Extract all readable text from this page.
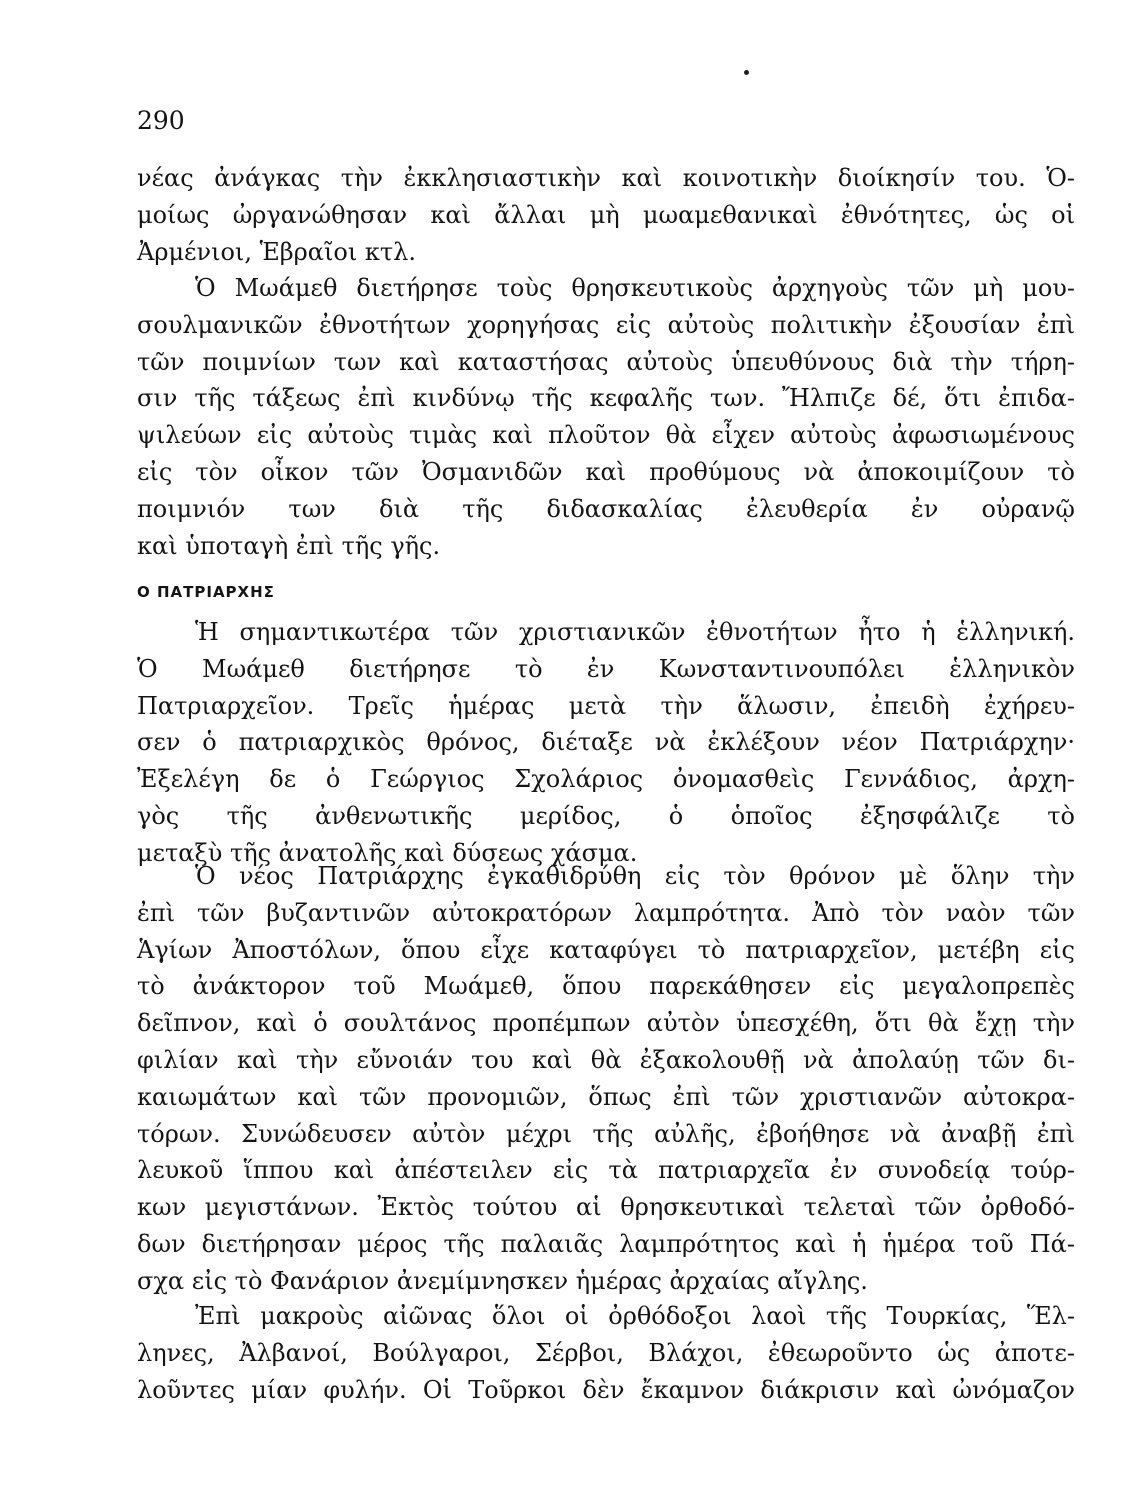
290
νέας ἀνάγκας τὴν ἐκκλησιαστικὴν καὶ κοινοτικὴν διοίκησίν του. Ὁ-
μοίως ὠργανώθησαν καὶ ἄλλαι μὴ μωαμεθανικαὶ ἐθνότητες, ὡς οἱ
Ἀρμένιοι, Ἑβραῖοι κτλ.
Ὁ Μωάμεθ διετήρησε τοὺς θρησκευτικοὺς ἀρχηγοὺς τῶν μὴ μου-
σουλμανικῶν ἐθνοτήτων χορηγήσας εἰς αὐτοὺς πολιτικὴν ἐξουσίαν ἐπὶ
τῶν ποιμνίων των καὶ καταστήσας αὐτοὺς ὑπευθύνους διὰ τὴν τήρη-
σιν τῆς τάξεως ἐπὶ κινδύνῳ τῆς κεφαλῆς των. Ἤλπιζε δέ, ὅτι ἐπιδα-
ψιλεύων εἰς αὐτοὺς τιμὰς καὶ πλοῦτον θὰ εἶχεν αὐτοὺς ἀφωσιωμένους
εἰς τὸν οἶκον τῶν Ὀσμανιδῶν καὶ προθύμους νὰ ἀποκοιμίζουν τὸ
ποιμνιόν των διὰ τῆς διδασκαλίας ἐλευθερία ἐν οὐρανῷ
καὶ ὑποταγὴ ἐπὶ τῆς γῆς.
Ο ΠΑΤΡΙΑΡΧΗΣ
Ἡ σημαντικωτέρα τῶν χριστιανικῶν ἐθνοτήτων ἦτο ἡ ἑλληνική.
Ὁ Μωάμεθ διετήρησε τὸ ἐν Κωνσταντινουπόλει ἑλληνικὸν
Πατριαρχεῖον. Τρεῖς ἡμέρας μετὰ τὴν ἅλωσιν, ἐπειδὴ ἐχήρευ-
σεν ὁ πατριαρχικὸς θρόνος, διέταξε νὰ ἐκλέξουν νέον Πατριάρχην·
Ἐξελέγη δε ὁ Γεώργιος Σχολάριος ὀνομασθεὶς Γεννάδιος, ἀρχη-
γὸς τῆς ἀνθενωτικῆς μερίδος, ὁ ὁποῖος ἐξησφάλιζε τὸ
μεταξὺ τῆς ἀνατολῆς καὶ δύσεως χάσμα.
Ὁ νέος Πατριάρχης ἐγκαθιδρύθη εἰς τὸν θρόνον μὲ ὅλην τὴν
ἐπὶ τῶν βυζαντινῶν αὐτοκρατόρων λαμπρότητα. Ἀπὸ τὸν ναὸν τῶν
Ἁγίων Ἀποστόλων, ὅπου εἶχε καταφύγει τὸ πατριαρχεῖον, μετέβη εἰς
τὸ ἀνάκτορον τοῦ Μωάμεθ, ὅπου παρεκάθησεν εἰς μεγαλοπρεπὲς
δεῖπνον, καὶ ὁ σουλτάνος προπέμπων αὐτὸν ὑπεσχέθη, ὅτι θὰ ἔχῃ τὴν
φιλίαν καὶ τὴν εὔνοιάν του καὶ θὰ ἐξακολουθῇ νὰ ἀπολαύῃ τῶν δι-
καιωμάτων καὶ τῶν προνομιῶν, ὅπως ἐπὶ τῶν χριστιανῶν αὐτοκρα-
τόρων. Συνώδευσεν αὐτὸν μέχρι τῆς αὐλῆς, ἐβοήθησε νὰ ἀναβῇ ἐπὶ
λευκοῦ ἵππου καὶ ἀπέστειλεν εἰς τὰ πατριαρχεῖα ἐν συνοδείᾳ τούρ-
κων μεγιστάνων. Ἐκτὸς τούτου αἱ θρησκευτικαὶ τελεταὶ τῶν ὀρθοδό-
δων διετήρησαν μέρος τῆς παλαιᾶς λαμπρότητος καὶ ἡ ἡμέρα τοῦ Πά-
σχα εἰς τὸ Φανάριον ἀνεμίμνησκεν ἡμέρας ἀρχαίας αἴγλης.
Ἐπὶ μακροὺς αἰῶνας ὅλοι οἱ ὀρθόδοξοι λαοὶ τῆς Τουρκίας, Ἕλ-
ληνες, Ἀλβανοί, Βούλγαροι, Σέρβοι, Βλάχοι, ἐθεωροῦντο ὡς ἀποτε-
λοῦντες μίαν φυλήν. Οἱ Τοῦρκοι δὲν ἔκαμνον διάκρισιν καὶ ὠνόμαζον
